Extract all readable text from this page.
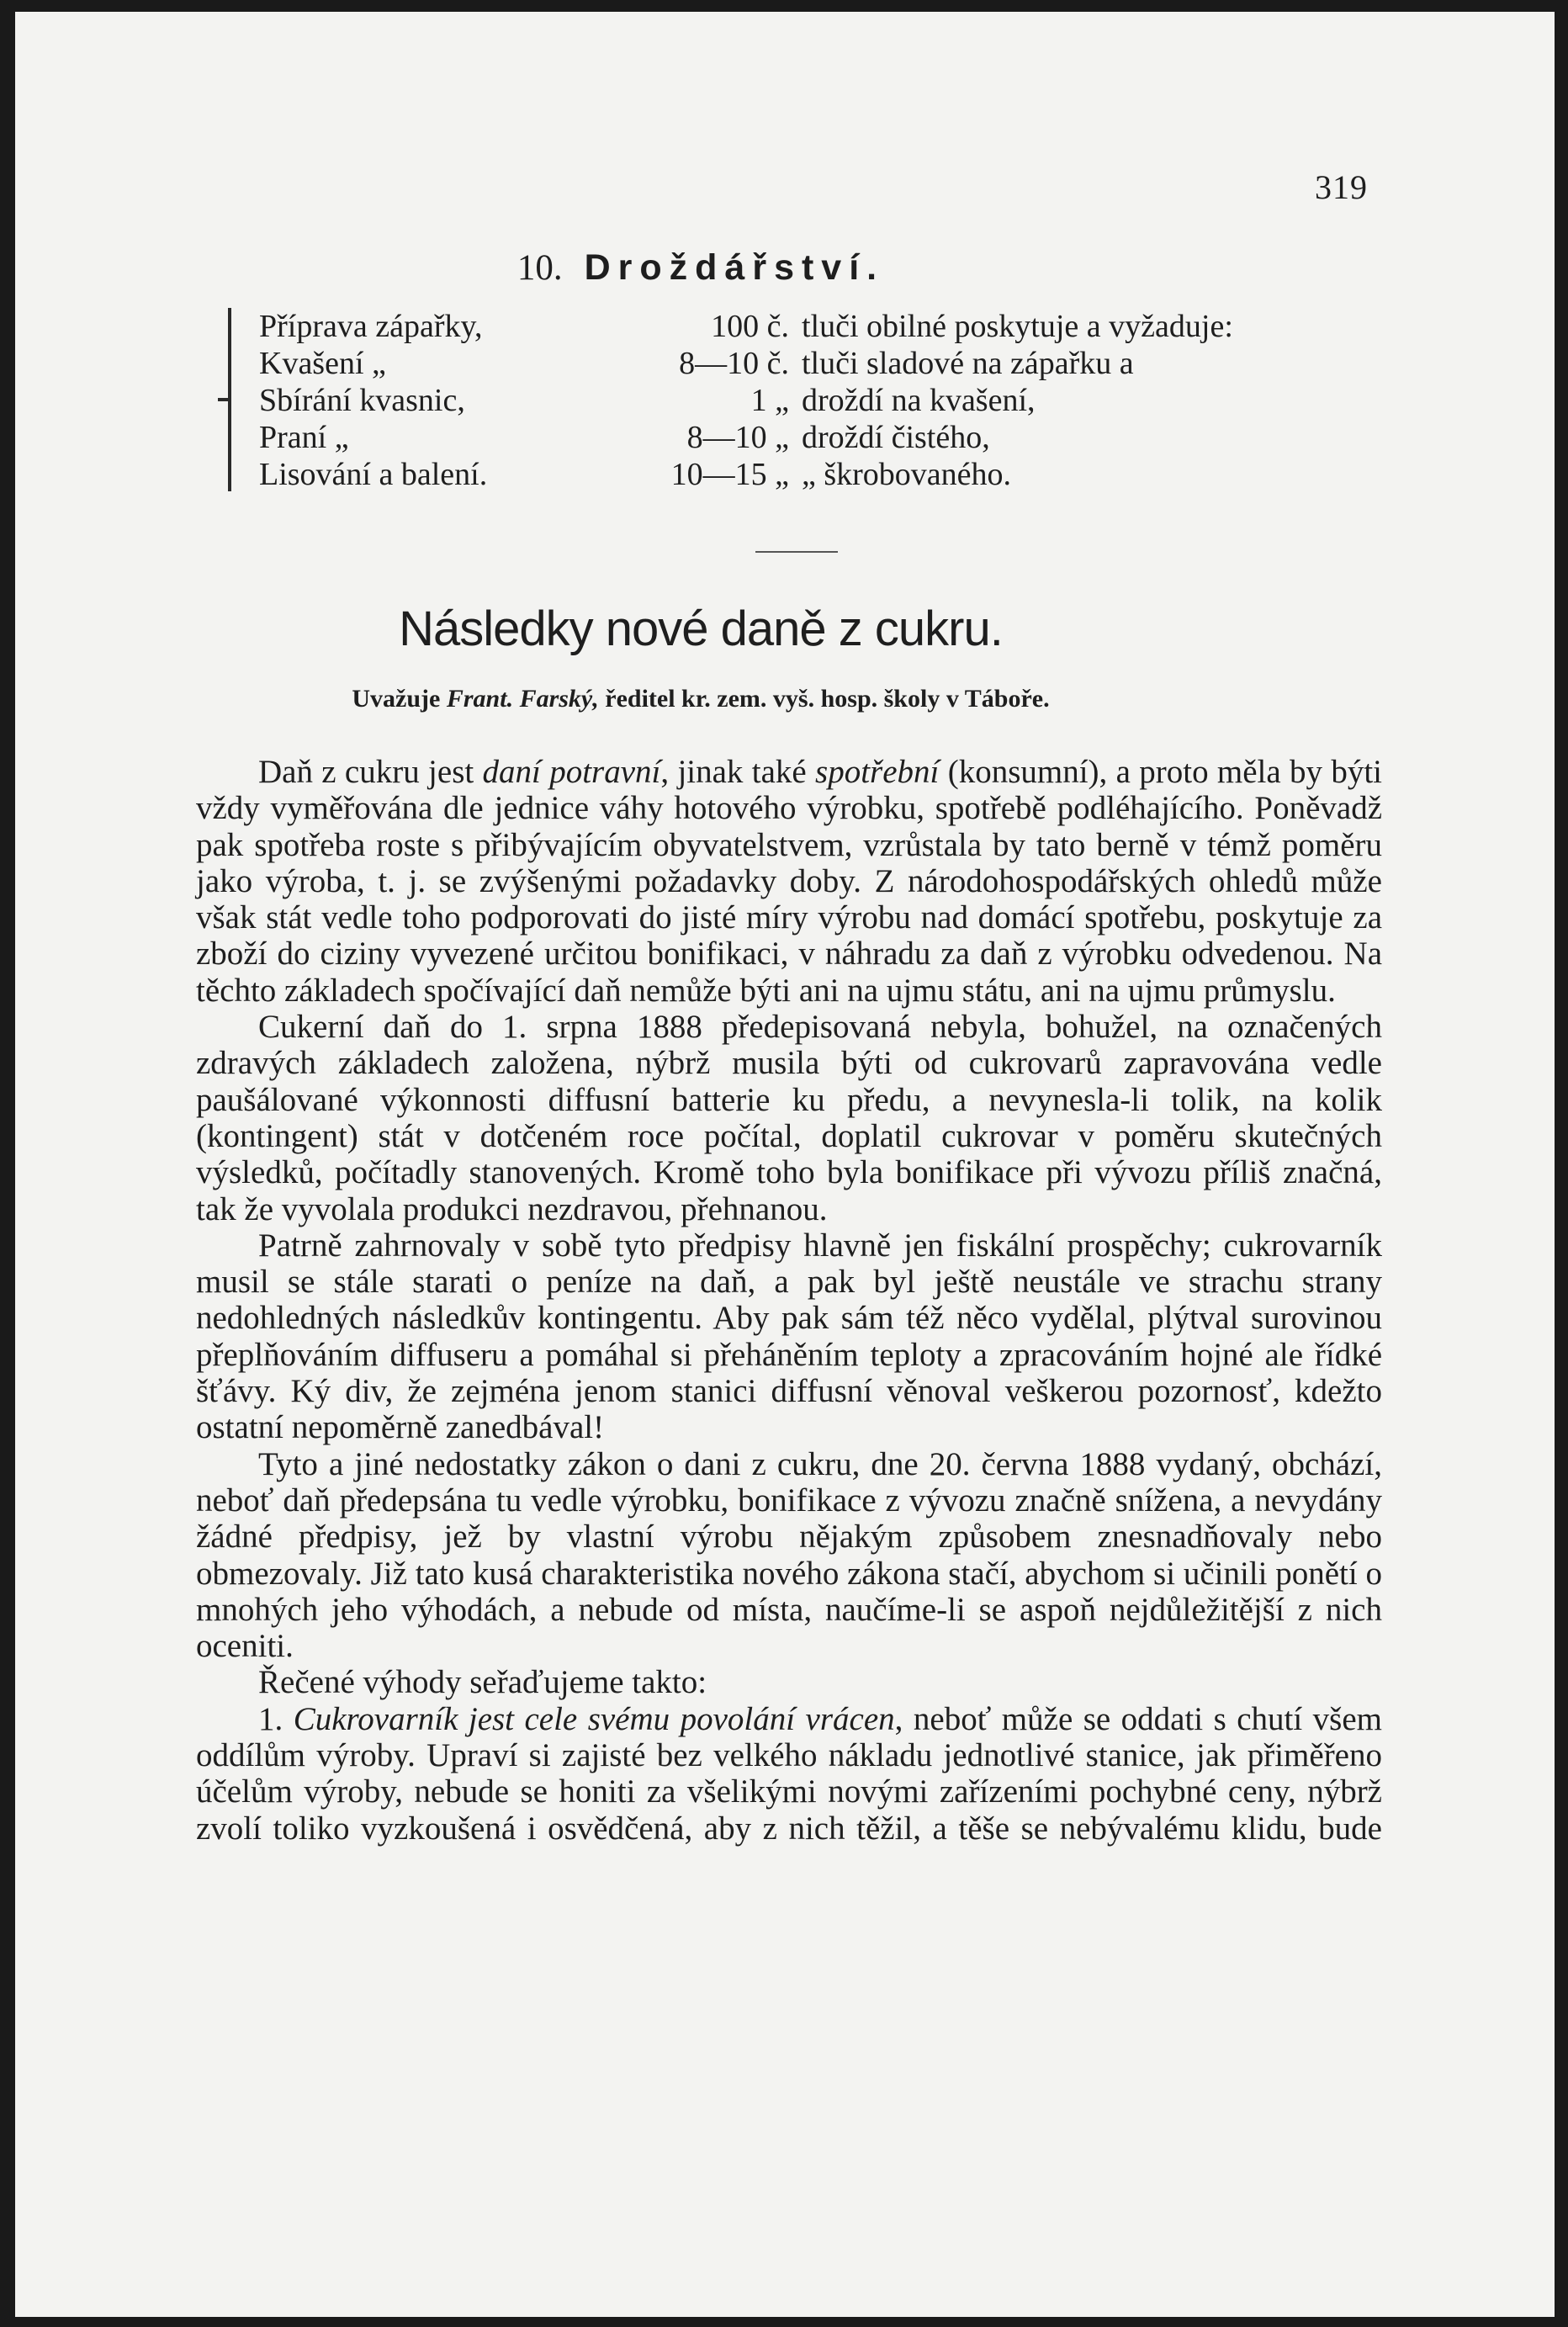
319
10. Droždářství.
Příprava zápařky,	100 č. tluči obilné poskytuje a vyžaduje:
Kvašení „	8—10 č. tluči sladové na zápařku a
Sbírání kvasnic,	1 „ droždí na kvašení,
Praní „	8—10 „ droždí čistého,
Lisování a balení.	10—15 „ „ škrobovaného.
Následky nové daně z cukru.
Uvažuje Frant. Farský, ředitel kr. zem. vyš. hosp. školy v Táboře.

Daň z cukru jest daní potravní, jinak také spotřební (konsumní), a proto měla by býti vždy vyměřována dle jednice váhy hotového výrobku, spotřebě podléhajícího. Poněvadž pak spotřeba roste s přibývajícím obyvatelstvem, vzrůstala by tato berně v témž poměru jako výroba, t. j. se zvýšenými požadavky doby. Z národohospodářských ohledů může však stát vedle toho podporovati do jisté míry výrobu nad domácí spotřebu, poskytuje za zboží do ciziny vyvezené určitou bonifikaci, v náhradu za daň z výrobku odvedenou. Na těchto základech spočívající daň nemůže býti ani na ujmu státu, ani na ujmu průmyslu.

Cukerní daň do 1. srpna 1888 předepisovaná nebyla, bohužel, na označených zdravých základech založena, nýbrž musila býti od cukrovarů zapravována vedle paušálované výkonnosti diffusní batterie ku předu, a nevynesla-li tolik, na kolik (kontingent) stát v dotčeném roce počítal, doplatil cukrovar v poměru skutečných výsledků, počítadly stanovených. Kromě toho byla bonifikace při vývozu příliš značná, tak že vyvolala produkci nezdravou, přehnanou.

Patrně zahrnovaly v sobě tyto předpisy hlavně jen fiskální prospěchy; cukrovarník musil se stále starati o peníze na daň, a pak byl ještě neustále ve strachu strany nedohledných následkův kontingentu. Aby pak sám též něco vydělal, plýtval surovinou přeplňováním diffuseru a pomáhal si přeháněním teploty a zpracováním hojné ale řídké šťávy. Ký div, že zejména jenom stanici diffusní věnoval veškerou pozornosť, kdežto ostatní nepoměrně zanedbával!

Tyto a jiné nedostatky zákon o dani z cukru, dne 20. června 1888 vydaný, obchází, neboť daň předepsána tu vedle výrobku, bonifikace z vývozu značně snížena, a nevydány žádné předpisy, jež by vlastní výrobu nějakým způsobem znesnadňovaly nebo obmezovaly. Již tato kusá charakteristika nového zákona stačí, abychom si učinili ponětí o mnohých jeho výhodách, a nebude od místa, naučíme-li se aspoň nejdůležitější z nich oceniti.

Řečené výhody seřaďujeme takto:

1. Cukrovarník jest cele svému povolání vrácen, neboť může se oddati s chutí všem oddílům výroby. Upraví si zajisté bez velkého nákladu jednotlivé stanice, jak přiměřeno účelům výroby, nebude se honiti za všelikými novými zařízeními pochybné ceny, nýbrž zvolí toliko vyzkoušená i osvědčená, aby z nich těžil, a těše se nebývalému klidu, bude
